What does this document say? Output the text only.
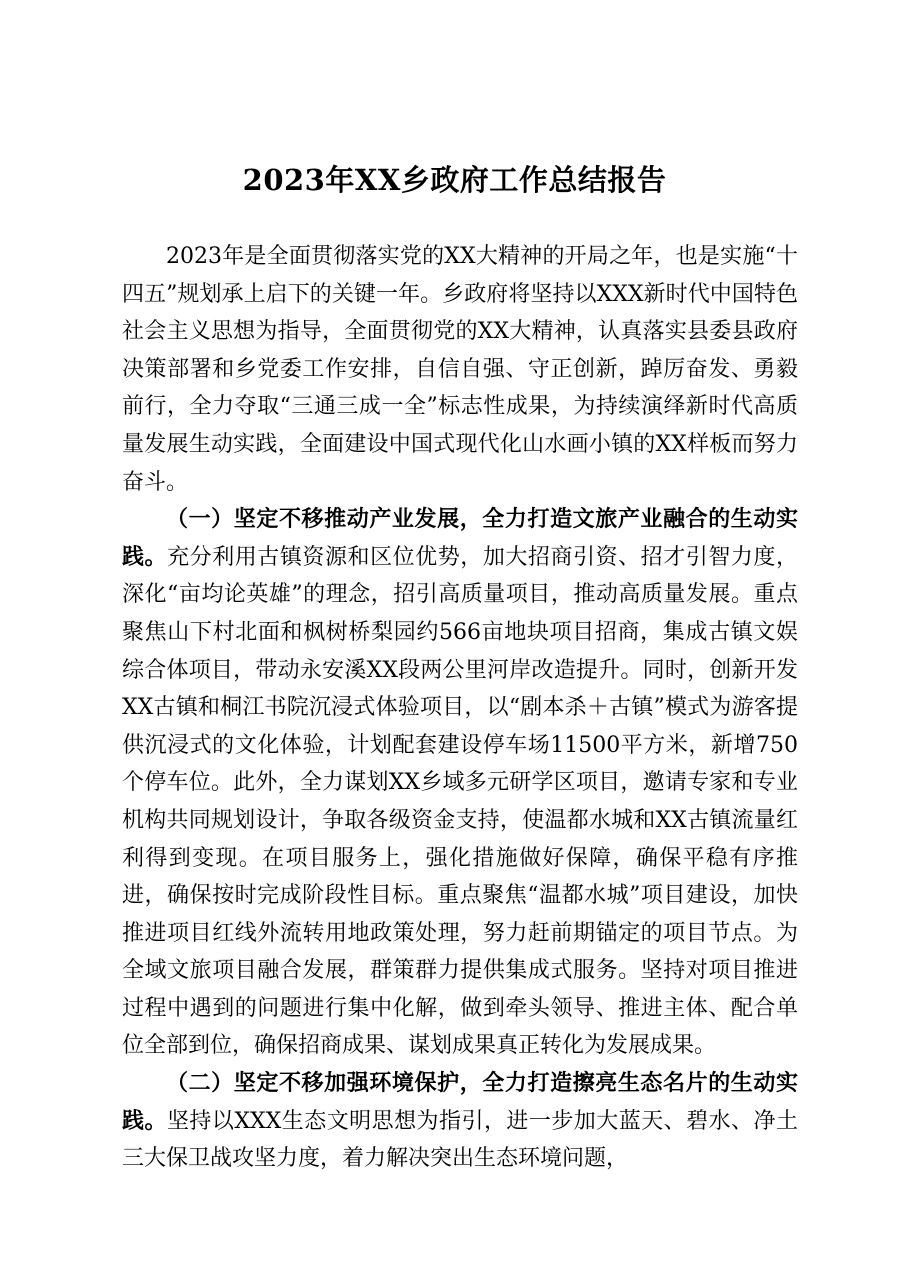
2023年XX乡政府工作总结报告

2023年是全面贯彻落实党的XX大精神的开局之年，也是实施“十四五”规划承上启下的关键一年。乡政府将坚持以XXX新时代中国特色社会主义思想为指导，全面贯彻党的XX大精神，认真落实县委县政府决策部署和乡党委工作安排，自信自强、守正创新，踔厉奋发、勇毅前行，全力夺取“三通三成一全”标志性成果，为持续演绎新时代高质量发展生动实践，全面建设中国式现代化山水画小镇的XX样板而努力奋斗。

（一）坚定不移推动产业发展，全力打造文旅产业融合的生动实践。充分利用古镇资源和区位优势，加大招商引资、招才引智力度，深化“亩均论英雄”的理念，招引高质量项目，推动高质量发展。重点聚焦山下村北面和枫树桥梨园约566亩地块项目招商，集成古镇文娱综合体项目，带动永安溪XX段两公里河岸改造提升。同时，创新开发XX古镇和桐江书院沉浸式体验项目，以“剧本杀＋古镇”模式为游客提供沉浸式的文化体验，计划配套建设停车场11500平方米，新增750个停车位。此外，全力谋划XX乡域多元研学区项目，邀请专家和专业机构共同规划设计，争取各级资金支持，使温都水城和XX古镇流量红利得到变现。在项目服务上，强化措施做好保障，确保平稳有序推进，确保按时完成阶段性目标。重点聚焦“温都水城”项目建设，加快推进项目红线外流转用地政策处理，努力赶前期锚定的项目节点。为全域文旅项目融合发展，群策群力提供集成式服务。坚持对项目推进过程中遇到的问题进行集中化解，做到牵头领导、推进主体、配合单位全部到位，确保招商成果、谋划成果真正转化为发展成果。

（二）坚定不移加强环境保护，全力打造擦亮生态名片的生动实践。坚持以XXX生态文明思想为指引，进一步加大蓝天、碧水、净土三大保卫战攻坚力度，着力解决突出生态环境问题，
